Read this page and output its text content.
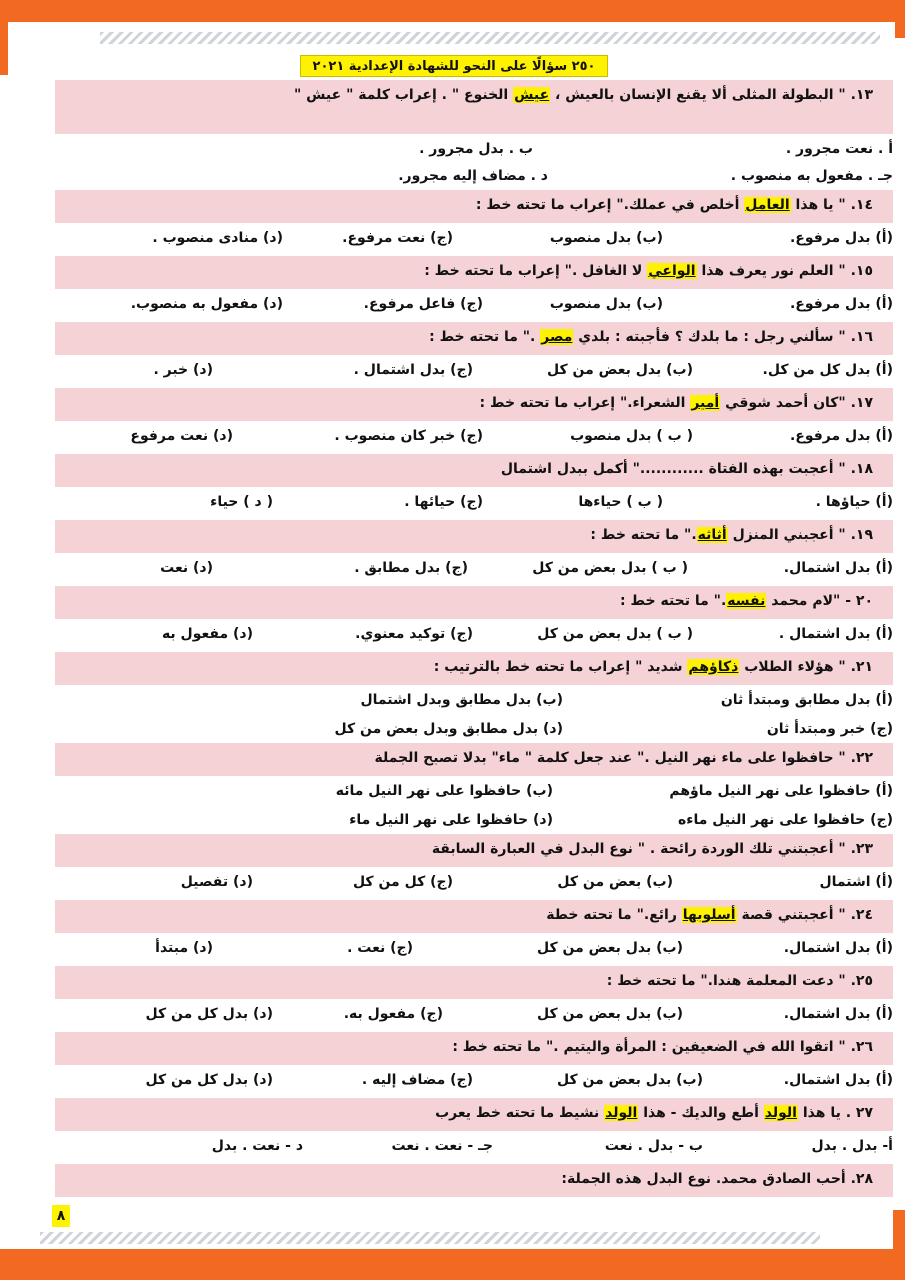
٢٥٠ سؤالًا على النحو للشهادة الإعدادية ٢٠٢١
١٣. " البطولة المثلى ألا يقنع الإنسان بالعيش ، عيش الخنوع " . إعراب كلمة " عيش "
أ . نعت مجرور .
ب . بدل مجرور .
جـ . مفعول به منصوب .
د . مضاف إليه مجرور.
١٤. " يا هذا العامل أخلص في عملك." إعراب ما تحته خط :
(أ) بدل مرفوع.
(ب) بدل منصوب
(ج) نعت مرفوع.
(د) منادى منصوب .
١٥. " العلم نور يعرف هذا الواعي لا الغافل ." إعراب ما تحته خط :
(أ) بدل مرفوع.
(ب) بدل منصوب
(ج) فاعل مرفوع.
(د) مفعول به منصوب.
١٦. " سألني رجل : ما بلدك ؟ فأجبته : بلدي مصر ." ما تحته خط :
(أ) بدل كل من كل.
(ب) بدل بعض من كل
(ج) بدل اشتمال .
(د) خبر .
١٧. "كان أحمد شوقي أمير الشعراء." إعراب ما تحته خط :
(أ) بدل مرفوع.
( ب ) بدل منصوب
(ج) خبر كان منصوب .
(د) نعت مرفوع
١٨. " أعجبت بهذه الفتاة ............" أكمل ببدل اشتمال
(أ) حياؤها .
( ب ) حياءها
(ج) حيائها .
( د ) حياء
١٩. " أعجبني المنزل أثاثه." ما تحته خط :
(أ) بدل اشتمال.
( ب ) بدل بعض من كل
(ج) بدل مطابق .
(د) نعت
٢٠ - "لام محمد نفسه." ما تحته خط :
(أ) بدل اشتمال .
( ب ) بدل بعض من كل
(ج) توكيد معنوي.
(د) مفعول به
٢١. " هؤلاء الطلاب ذكاؤهم شديد " إعراب ما تحته خط بالترتيب :
(أ) بدل مطابق ومبتدأ ثان
(ب) بدل مطابق وبدل اشتمال
(ج) خبر ومبتدأ ثان
(د) بدل مطابق وبدل بعض من كل
٢٢. " حافظوا على ماء نهر النيل ." عند جعل كلمة " ماء" بدلا تصبح الجملة
(أ) حافظوا على نهر النيل ماؤهم
(ب) حافظوا على نهر النيل مائه
(ج) حافظوا على نهر النيل ماءه
(د) حافظوا على نهر النيل ماء
٢٣. " أعجبتني تلك الوردة رائحة . " نوع البدل في العبارة السابقة
(أ) اشتمال
(ب) بعض من كل
(ج) كل من كل
(د) تفصيل
٢٤. " أعجبتني قصة أسلوبها رائع." ما تحته خطة
(أ) بدل اشتمال.
(ب) بدل بعض من كل
(ج) نعت .
(د) مبتدأ
٢٥. " دعت المعلمة هندا." ما تحته خط :
(أ) بدل اشتمال.
(ب) بدل بعض من كل
(ج) مفعول به.
(د) بدل كل من كل
٢٦. " اتقوا الله في الضعيفين : المرأة واليتيم ." ما تحته خط :
(أ) بدل اشتمال.
(ب) بدل بعض من كل
(ج) مضاف إليه .
(د) بدل كل من كل
٢٧ . يا هذا الولد أطع والديك - هذا الولد نشيط ما تحته خط يعرب
أ- بدل . بدل
ب - بدل . نعت
جـ - نعت . نعت
د - نعت . بدل
٢٨. أحب الصادق محمد. نوع البدل هذه الجملة:
٨
